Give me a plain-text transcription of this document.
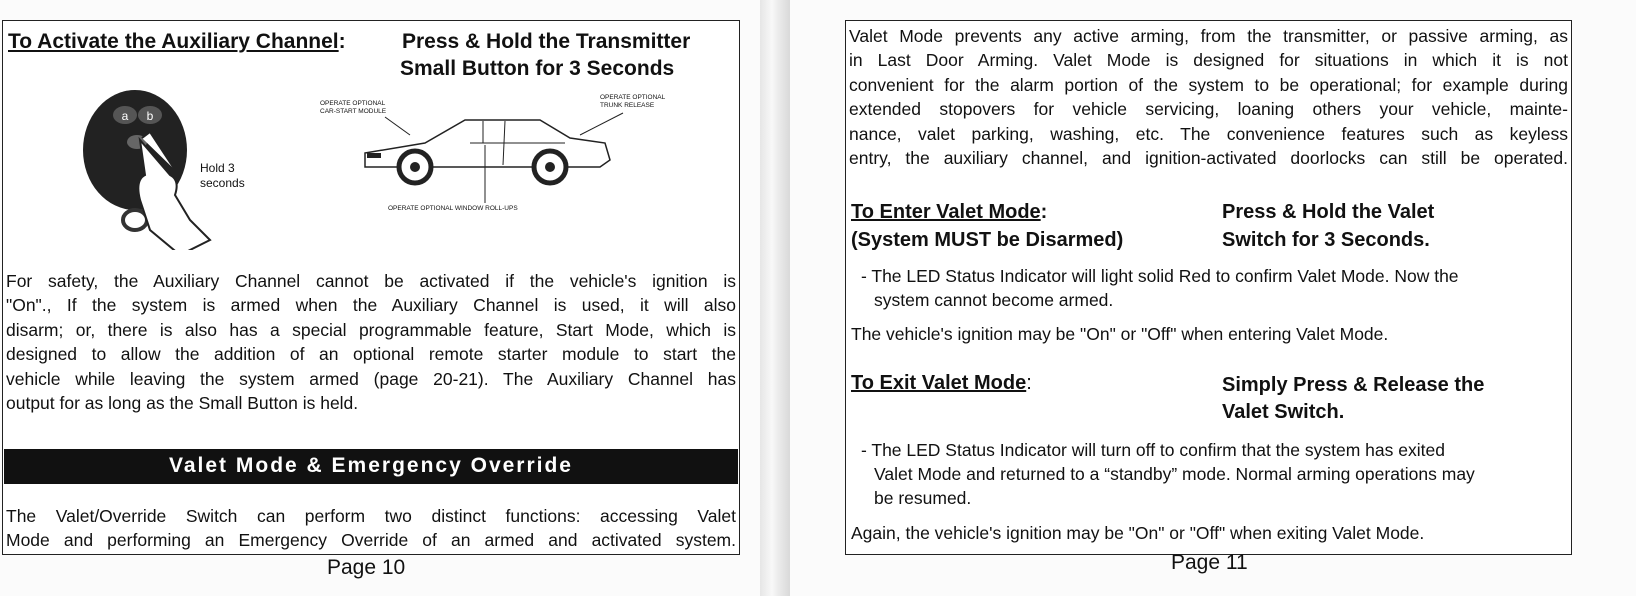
To Activate the Auxiliary Channel:	Press & Hold the Transmitter
Small Button for 3 Seconds
a b
Hold 3
seconds
OPERATE OPTIONAL
CAR-START MODULE
OPERATE OPTIONAL
TRUNK RELEASE
OPERATE OPTIONAL WINDOW ROLL-UPS

For safety, the Auxiliary Channel cannot be activated if the vehicle's ignition is

"On"., If the system is armed when the Auxiliary Channel is used, it will also

disarm; or, there is also has a special programmable feature, Start Mode, which is

designed to allow the addition of an optional remote starter module to start the

vehicle while leaving the system armed (page 20-21). The Auxiliary Channel has

output for as long as the Small Button is held.

Valet Mode & Emergency Override

The Valet/Override Switch can perform two distinct functions: accessing Valet

Mode and performing an Emergency Override of an armed and activated system.

Page 10

Valet Mode prevents any active arming, from the transmitter, or passive arming, as

in Last Door Arming. Valet Mode is designed for situations in which it is not

convenient for the alarm portion of the system to be operational; for example during

extended stopovers for vehicle servicing, loaning others your vehicle, mainte-

nance, valet parking, washing, etc. The convenience features such as keyless

entry, the auxiliary channel, and ignition-activated doorlocks can still be operated.

To Enter Valet Mode:
(System MUST be Disarmed)
Press & Hold the Valet
Switch for 3 Seconds.
- The LED Status Indicator will light solid Red to confirm Valet Mode. Now the
system cannot become armed.
The vehicle's ignition may be "On" or "Off" when entering Valet Mode.
To Exit Valet Mode:	Simply Press & Release the
Valet Switch.
- The LED Status Indicator will turn off to confirm that the system has exited
Valet Mode and returned to a “standby” mode. Normal arming operations may
be resumed.
Again, the vehicle's ignition may be "On" or "Off" when exiting Valet Mode.
Page 11
